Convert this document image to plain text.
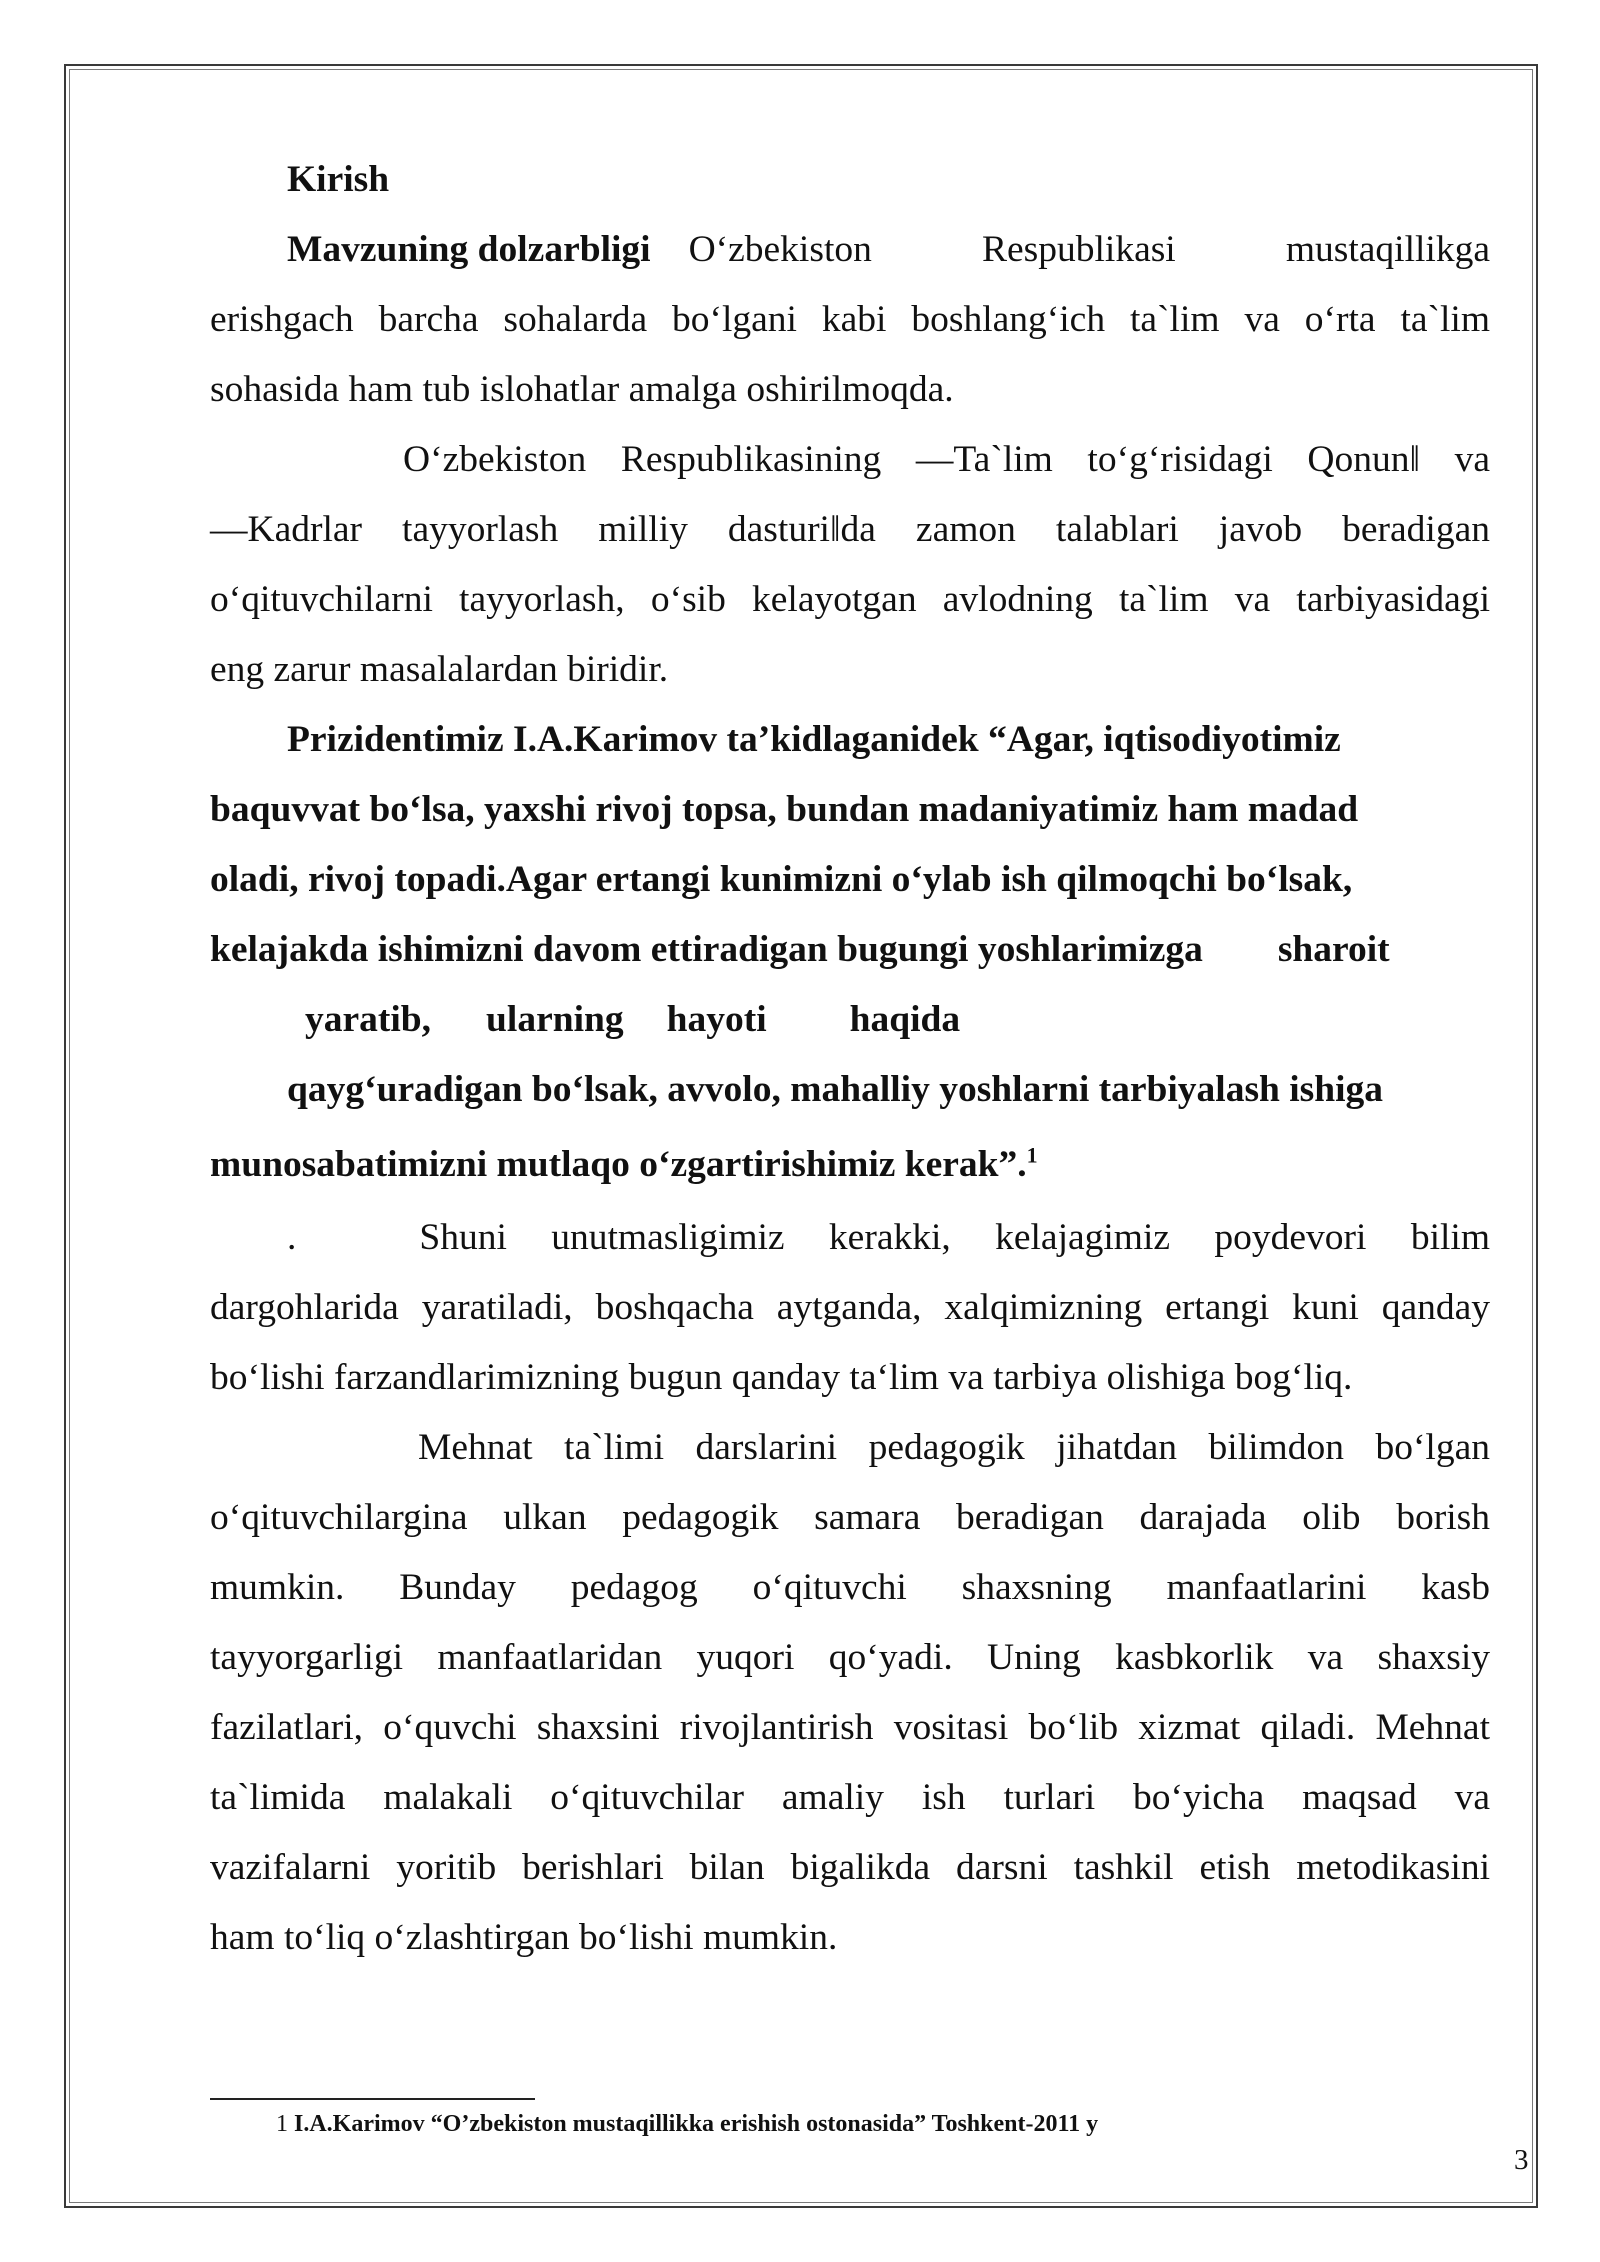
Kirish
Mavzuning dolzarbligi O‘zbekiston Respublikasi mustaqillikga
erishgach barcha sohalarda bo‘lgani kabi boshlang‘ich ta`lim va o‘rta ta`lim
sohasida ham tub islohatlar amalga oshirilmoqda.
O‘zbekiston Respublikasining ―Ta`lim to‘g‘risidagi Qonun‖ va
―Kadrlar tayyorlash milliy dasturi‖da zamon talablari javob beradigan
o‘qituvchilarni tayyorlash, o‘sib kelayotgan avlodning ta`lim va tarbiyasidagi
eng zarur masalalardan biridir.
Prizidentimiz I.A.Karimov ta’kidlaganidek “Agar, iqtisodiyotimiz
baquvvat bo‘lsa, yaxshi rivoj topsa, bundan madaniyatimiz ham madad
oladi, rivoj topadi.Agar ertangi kunimizni o‘ylab ish qilmoqchi bo‘lsak,
kelajakda ishimizni davom ettiradigan bugungi yoshlarimizga sharoit
yaratib, ularning hayoti haqida
qayg‘uradigan bo‘lsak, avvolo, mahalliy yoshlarni tarbiyalash ishiga
munosabatimizni mutlaqo o‘zgartirishimiz kerak”.$^1$
.	Shuni unutmasligimiz kerakki, kelajagimiz poydevori bilim
dargohlarida yaratiladi, boshqacha aytganda, xalqimizning ertangi kuni qanday
bo‘lishi farzandlarimizning bugun qanday ta‘lim va tarbiya olishiga bog‘liq.
Mehnat ta`limi darslarini pedagogik jihatdan bilimdon bo‘lgan
o‘qituvchilargina ulkan pedagogik samara beradigan darajada olib borish
mumkin. Bunday pedagog o‘qituvchi shaxsning manfaatlarini kasb
tayyorgarligi manfaatlaridan yuqori qo‘yadi. Uning kasbkorlik va shaxsiy
fazilatlari, o‘quvchi shaxsini rivojlantirish vositasi bo‘lib xizmat qiladi. Mehnat
ta`limida malakali o‘qituvchilar amaliy ish turlari bo‘yicha maqsad va
vazifalarni yoritib berishlari bilan bigalikda darsni tashkil etish metodikasini
ham to‘liq o‘zlashtirgan bo‘lishi mumkin.
1 I.A.Karimov “O’zbekiston mustaqillikka erishish ostonasida” Toshkent-2011 y
3
